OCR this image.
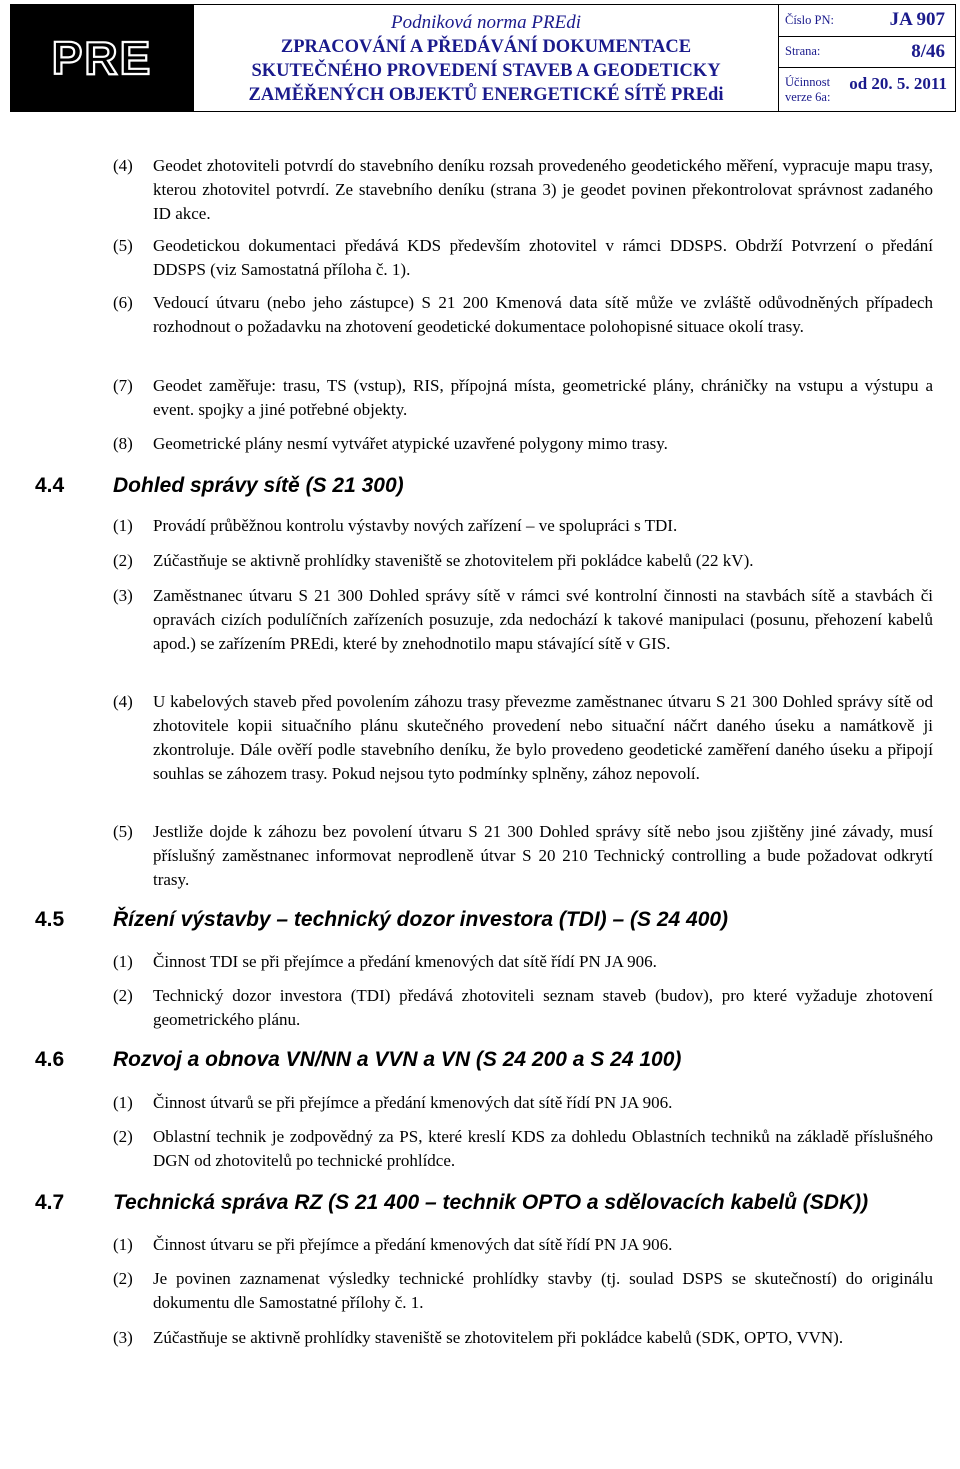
PRE
Podniková norma PREdi
ZPRACOVÁNÍ A PŘEDÁVÁNÍ DOKUMENTACE
SKUTEČNÉHO PROVEDENÍ STAVEB A GEODETICKY
ZAMĚŘENÝCH OBJEKTŮ ENERGETICKÉ SÍTĚ PREdi
Číslo PN:	JA 907
Strana:	8/46
Účinnost
verze 6a:
od 20. 5. 2011
(4) Geodet zhotoviteli potvrdí do stavebního deníku rozsah provedeného geodetického měření, vypracuje mapu trasy, kterou zhotovitel potvrdí. Ze stavebního deníku (strana 3) je geodet povinen překontrolovat správnost zadaného ID akce.
(5) Geodetickou dokumentaci předává KDS především zhotovitel v rámci DDSPS. Obdrží Potvrzení o předání DDSPS (viz Samostatná příloha č. 1).
(6) Vedoucí útvaru (nebo jeho zástupce) S 21 200 Kmenová data sítě může ve zvláště odůvodněných případech rozhodnout o požadavku na zhotovení geodetické dokumentace polohopisné situace okolí trasy.
(7) Geodet zaměřuje: trasu, TS (vstup), RIS, přípojná místa, geometrické plány, chráničky na vstupu a výstupu a event. spojky a jiné potřebné objekty.
(8) Geometrické plány nesmí vytvářet atypické uzavřené polygony mimo trasy.
4.4 Dohled správy sítě (S 21 300)
(1) Provádí průběžnou kontrolu výstavby nových zařízení – ve spolupráci s TDI.
(2) Zúčastňuje se aktivně prohlídky staveniště se zhotovitelem při pokládce kabelů (22 kV).
(3) Zaměstnanec útvaru S 21 300 Dohled správy sítě v rámci své kontrolní činnosti na stavbách sítě a stavbách či opravách cizích podulíčních zařízeních posuzuje, zda nedochází k takové manipulaci (posunu, přehození kabelů apod.) se zařízením PREdi, které by znehodnotilo mapu stávající sítě v GIS.
(4) U kabelových staveb před povolením záhozu trasy převezme zaměstnanec útvaru S 21 300 Dohled správy sítě od zhotovitele kopii situačního plánu skutečného provedení nebo situační náčrt daného úseku a namátkově ji zkontroluje. Dále ověří podle stavebního deníku, že bylo provedeno geodetické zaměření daného úseku a připojí souhlas se záhozem trasy. Pokud nejsou tyto podmínky splněny, zához nepovolí.
(5) Jestliže dojde k záhozu bez povolení útvaru S 21 300 Dohled správy sítě nebo jsou zjištěny jiné závady, musí příslušný zaměstnanec informovat neprodleně útvar S 20 210 Technický controlling a bude požadovat odkrytí trasy.
4.5 Řízení výstavby – technický dozor investora (TDI) – (S 24 400)
(1) Činnost TDI se při přejímce a předání kmenových dat sítě řídí PN JA 906.
(2) Technický dozor investora (TDI) předává zhotoviteli seznam staveb (budov), pro které vyžaduje zhotovení geometrického plánu.
4.6 Rozvoj a obnova VN/NN a VVN a VN (S 24 200 a S 24 100)
(1) Činnost útvarů se při přejímce a předání kmenových dat sítě řídí PN JA 906.
(2) Oblastní technik je zodpovědný za PS, které kreslí KDS za dohledu Oblastních techniků na základě příslušného DGN od zhotovitelů po technické prohlídce.
4.7 Technická správa RZ (S 21 400 – technik OPTO a sdělovacích kabelů (SDK))
(1) Činnost útvaru se při přejímce a předání kmenových dat sítě řídí PN JA 906.
(2) Je povinen zaznamenat výsledky technické prohlídky stavby (tj. soulad DSPS se skutečností) do originálu dokumentu dle Samostatné přílohy č. 1.
(3) Zúčastňuje se aktivně prohlídky staveniště se zhotovitelem při pokládce kabelů (SDK, OPTO, VVN).
